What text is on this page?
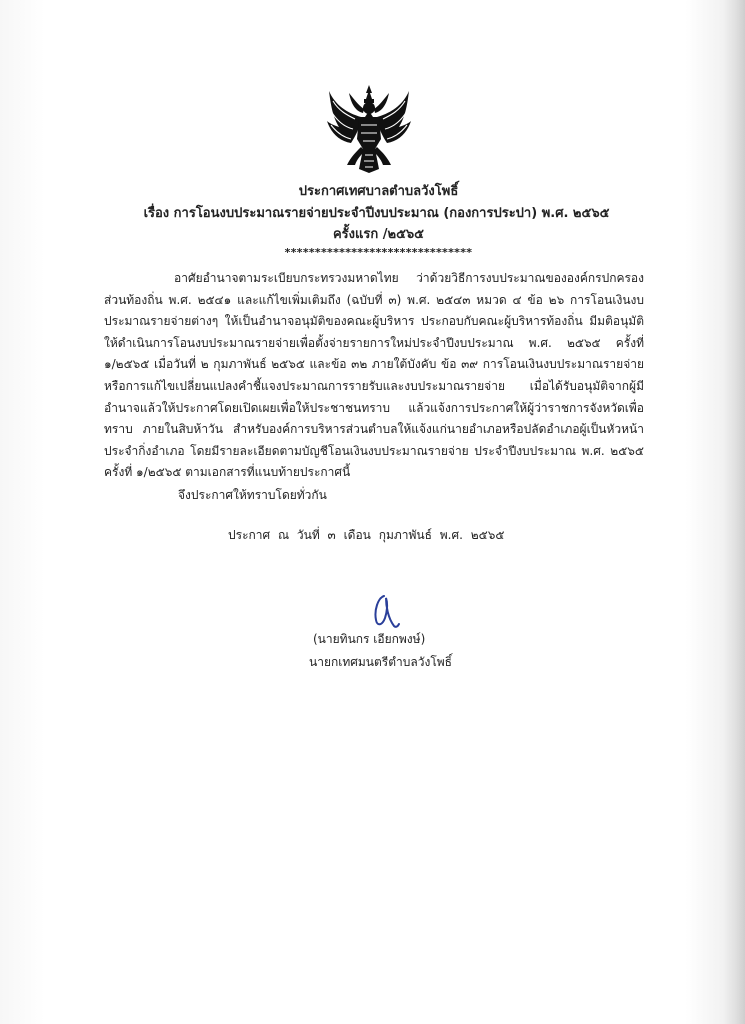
ประกาศเทศบาลตำบลวังโพธิ์
เรื่อง การโอนงบประมาณรายจ่ายประจำปีงบประมาณ (กองการประปา) พ.ศ. ๒๕๖๕
ครั้งแรก /๒๕๖๕
*******************************
อาศัยอำนาจตามระเบียบกระทรวงมหาดไทย ว่าด้วยวิธีการงบประมาณขององค์กรปกครองส่วนท้องถิ่น พ.ศ. ๒๕๔๑ และแก้ไขเพิ่มเติมถึง (ฉบับที่ ๓) พ.ศ. ๒๕๔๓ หมวด ๔ ข้อ ๒๖ การโอนเงินงบประมาณรายจ่ายต่างๆ ให้เป็นอำนาจอนุมัติของคณะผู้บริหาร ประกอบกับคณะผู้บริหารท้องถิ่น มีมติอนุมัติให้ดำเนินการโอนงบประมาณรายจ่ายเพื่อตั้งจ่ายรายการใหม่ประจำปีงบประมาณ พ.ศ. ๒๕๖๕ ครั้งที่ ๑/๒๕๖๕ เมื่อวันที่ ๒ กุมภาพันธ์ ๒๕๖๕ และข้อ ๓๒ ภายใต้บังคับ ข้อ ๓๙ การโอนเงินงบประมาณรายจ่าย หรือการแก้ไขเปลี่ยนแปลงคำชี้แจงประมาณการรายรับและงบประมาณรายจ่าย เมื่อได้รับอนุมัติจากผู้มีอำนาจแล้วให้ประกาศโดยเปิดเผยเพื่อให้ประชาชนทราบ แล้วแจ้งการประกาศให้ผู้ว่าราชการจังหวัดเพื่อทราบ ภายในสิบห้าวัน สำหรับองค์การบริหารส่วนตำบลให้แจ้งแก่นายอำเภอหรือปลัดอำเภอผู้เป็นหัวหน้าประจำกิ่งอำเภอ โดยมีรายละเอียดตามบัญชีโอนเงินงบประมาณรายจ่าย ประจำปีงบประมาณ พ.ศ. ๒๕๖๕ ครั้งที่ ๑/๒๕๖๕ ตามเอกสารที่แนบท้ายประกาศนี้
จึงประกาศให้ทราบโดยทั่วกัน
ประกาศ ณ วันที่ ๓ เดือน กุมภาพันธ์ พ.ศ. ๒๕๖๕
(นายทินกร เอียกพงษ์)
นายกเทศมนตรีตำบลวังโพธิ์
